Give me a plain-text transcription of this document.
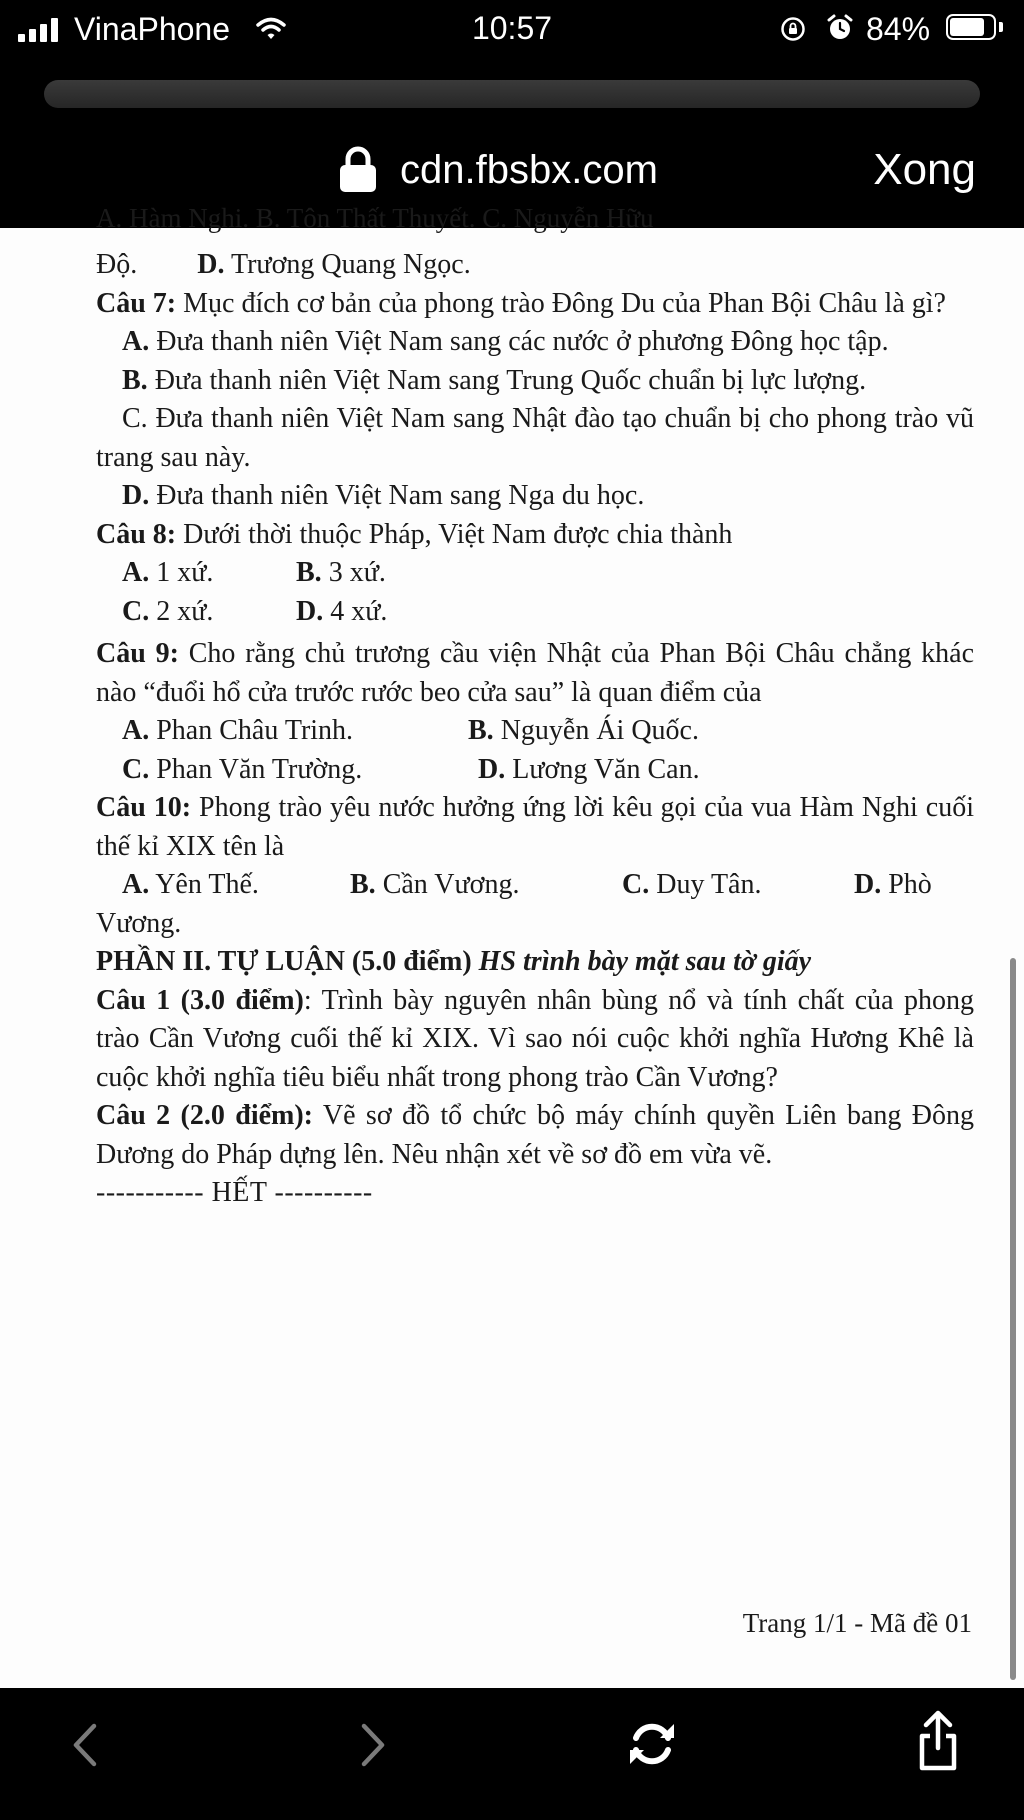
VinaPhone	10:57	84%
cdn.fbsbx.com	Xong
A. Hàm Nghi. B. Tôn Thất Thuyết. C. Nguyễn Hữu

Độ. D. Trương Quang Ngọc.

Câu 7: Mục đích cơ bản của phong trào Đông Du của Phan Bội Châu là gì?

A. Đưa thanh niên Việt Nam sang các nước ở phương Đông học tập.

B. Đưa thanh niên Việt Nam sang Trung Quốc chuẩn bị lực lượng.

C. Đưa thanh niên Việt Nam sang Nhật đào tạo chuẩn bị cho phong trào vũ trang sau này.

D. Đưa thanh niên Việt Nam sang Nga du học.

Câu 8: Dưới thời thuộc Pháp, Việt Nam được chia thành

A. 1 xứ.	B. 3 xứ.
C. 2 xứ.	D. 4 xứ.

Câu 9: Cho rằng chủ trương cầu viện Nhật của Phan Bội Châu chẳng khác nào “đuổi hổ cửa trước rước beo cửa sau” là quan điểm của

A. Phan Châu Trinh.	B. Nguyễn Ái Quốc.
C. Phan Văn Trường.	D. Lương Văn Can.

Câu 10: Phong trào yêu nước hưởng ứng lời kêu gọi của vua Hàm Nghi cuối thế kỉ XIX tên là

A. Yên Thế.	B. Cần Vương.	C. Duy Tân.	D. Phò

Vương.

PHẦN II. TỰ LUẬN (5.0 điểm) HS trình bày mặt sau tờ giấy

Câu 1 (3.0 điểm): Trình bày nguyên nhân bùng nổ và tính chất của phong trào Cần Vương cuối thế kỉ XIX. Vì sao nói cuộc khởi nghĩa Hương Khê là cuộc khởi nghĩa tiêu biểu nhất trong phong trào Cần Vương?

Câu 2 (2.0 điểm): Vẽ sơ đồ tổ chức bộ máy chính quyền Liên bang Đông Dương do Pháp dựng lên. Nêu nhận xét về sơ đồ em vừa vẽ.

----------- HẾT ----------

Trang 1/1 - Mã đề 01
